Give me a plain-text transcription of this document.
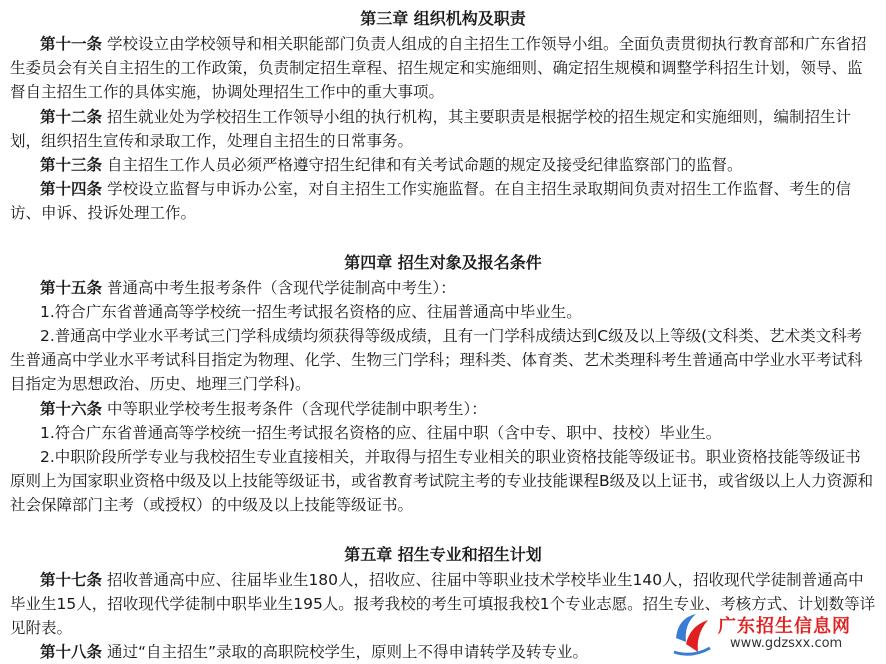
第三章 组织机构及职责

第十一条 学校设立由学校领导和相关职能部门负责人组成的自主招生工作领导小组。全面负责贯彻执行教育部和广东省招生委员会有关自主招生的工作政策，负责制定招生章程、招生规定和实施细则、确定招生规模和调整学科招生计划，领导、监督自主招生工作的具体实施，协调处理招生工作中的重大事项。

第十二条 招生就业处为学校招生工作领导小组的执行机构，其主要职责是根据学校的招生规定和实施细则，编制招生计划，组织招生宣传和录取工作，处理自主招生的日常事务。

第十三条 自主招生工作人员必须严格遵守招生纪律和有关考试命题的规定及接受纪律监察部门的监督。

第十四条 学校设立监督与申诉办公室，对自主招生工作实施监督。在自主招生录取期间负责对招生工作监督、考生的信访、申诉、投诉处理工作。

第四章 招生对象及报名条件

第十五条 普通高中考生报考条件（含现代学徒制高中考生）：

1.符合广东省普通高等学校统一招生考试报名资格的应、往届普通高中毕业生。

2.普通高中学业水平考试三门学科成绩均须获得等级成绩，且有一门学科成绩达到C级及以上等级(文科类、艺术类文科考生普通高中学业水平考试科目指定为物理、化学、生物三门学科；理科类、体育类、艺术类理科考生普通高中学业水平考试科目指定为思想政治、历史、地理三门学科)。

第十六条 中等职业学校考生报考条件（含现代学徒制中职考生）：

1.符合广东省普通高等学校统一招生考试报名资格的应、往届中职（含中专、职中、技校）毕业生。

2.中职阶段所学专业与我校招生专业直接相关，并取得与招生专业相关的职业资格技能等级证书。职业资格技能等级证书原则上为国家职业资格中级及以上技能等级证书，或省教育考试院主考的专业技能课程B级及以上证书，或省级以上人力资源和社会保障部门主考（或授权）的中级及以上技能等级证书。

第五章 招生专业和招生计划

第十七条 招收普通高中应、往届毕业生180人，招收应、往届中等职业技术学校毕业生140人，招收现代学徒制普通高中毕业生15人，招收现代学徒制中职毕业生195人。报考我校的考生可填报我校1个专业志愿。招生专业、考核方式、计划数等详见附表。

第十八条 通过“自主招生”录取的高职院校学生，原则上不得申请转学及转专业。

广东招生信息网
www.gdzsxx.com
